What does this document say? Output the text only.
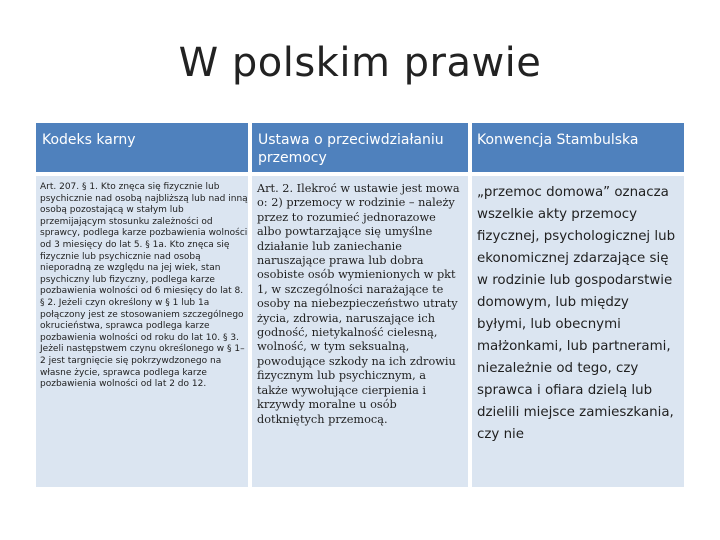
W polskim prawie
Kodeks karny	Ustawa o przeciwdziałaniu przemocy
Konwencja Stambulska
Art. 207. § 1. Kto znęca się fizycznie lub psychicznie nad osobą najbliższą lub nad inną osobą pozostającą w stałym lub przemijającym stosunku zależności od sprawcy, podlega karze pozbawienia wolności od 3 miesięcy do lat 5. § 1a. Kto znęca się fizycznie lub psychicznie nad osobą nieporadną ze względu na jej wiek, stan psychiczny lub fizyczny, podlega karze pozbawienia wolności od 6 miesięcy do lat 8. § 2. Jeżeli czyn określony w § 1 lub 1a połączony jest ze stosowaniem szczególnego okrucieństwa, sprawca podlega karze pozbawienia wolności od roku do lat 10. § 3. Jeżeli następstwem czynu określonego w § 1–2 jest targnięcie się pokrzywdzonego na własne życie, sprawca podlega karze pozbawienia wolności od lat 2 do 12.
Art. 2. Ilekroć w ustawie jest mowa o: 2) przemocy w rodzinie – należy przez to rozumieć jednorazowe albo powtarzające się umyślne działanie lub zaniechanie naruszające prawa lub dobra osobiste osób wymienionych w pkt 1, w szczególności narażające te osoby na niebezpieczeństwo utraty życia, zdrowia, naruszające ich godność, nietykalność cielesną, wolność, w tym seksualną, powodujące szkody na ich zdrowiu fizycznym lub psychicznym, a także wywołujące cierpienia i krzywdy moralne u osób dotkniętych przemocą.
„przemoc domowa” oznacza wszelkie akty przemocy fizycznej, psychologicznej lub ekonomicznej zdarzające się w rodzinie lub gospodarstwie domowym, lub między byłymi, lub obecnymi małżonkami, lub partnerami, niezależnie od tego, czy sprawca i ofiara dzielą lub dzielili miejsce zamieszkania, czy nie
